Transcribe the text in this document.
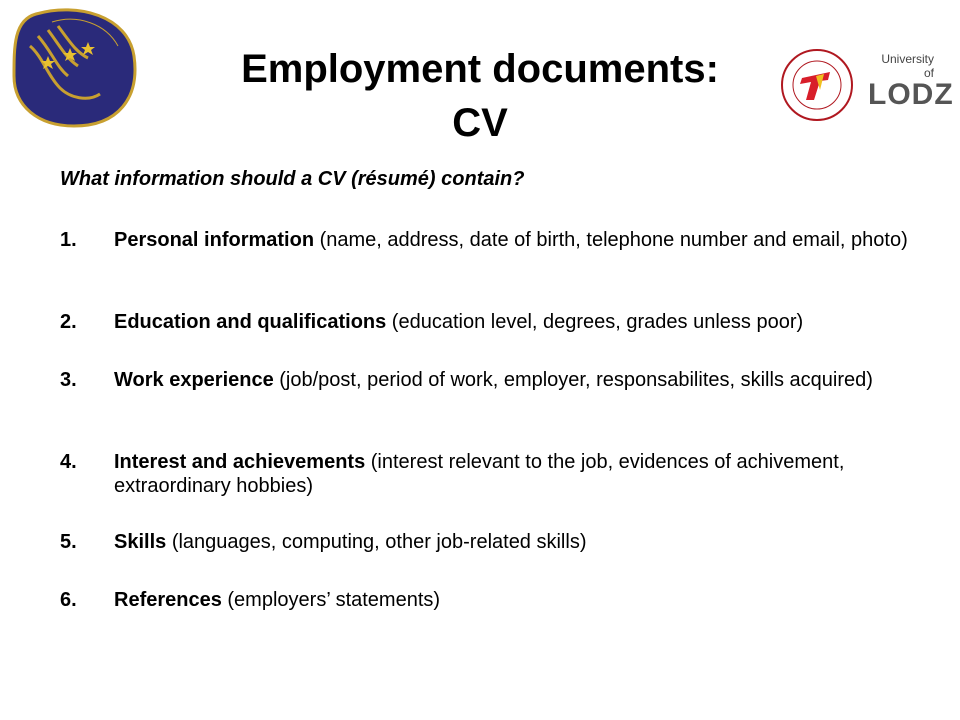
University of
LODZ
Employment documents:
CV
What information should a CV (résumé) contain?
1. Personal information (name, address, date of birth, telephone number and email, photo)
2. Education and qualifications (education level, degrees, grades unless poor)
3. Work experience (job/post, period of work, employer, responsabilites, skills acquired)
4. Interest and achievements (interest relevant to the job, evidences of achivement, extraordinary hobbies)
5. Skills (languages, computing, other job-related skills)
6. References (employers’ statements)
